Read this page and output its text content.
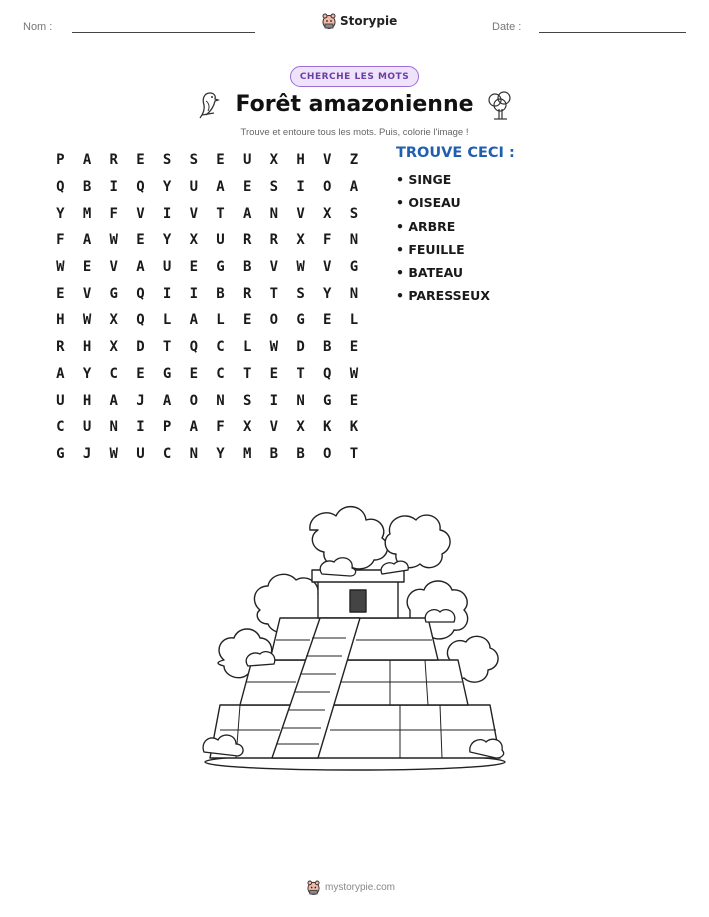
Nom :	Storypie	Date :
CHERCHE LES MOTS
Forêt amazonienne
Trouve et entoure tous les mots. Puis, colorie l'image !
P	A	R	E	S	S	E	U	X	H	V	Z
Q	B	I	Q	Y	U	A	E	S	I	O	A
Y	M	F	V	I	V	T	A	N	V	X	S
F	A	W	E	Y	X	U	R	R	X	F	N
W	E	V	A	U	E	G	B	V	W	V	G
E	V	G	Q	I	I	B	R	T	S	Y	N
H	W	X	Q	L	A	L	E	O	G	E	L
R	H	X	D	T	Q	C	L	W	D	B	E
A	Y	C	E	G	E	C	T	E	T	Q	W
U	H	A	J	A	O	N	S	I	N	G	E
C	U	N	I	P	A	F	X	V	X	K	K
G	J	W	U	C	N	Y	M	B	B	O	T
TROUVE CECI :
• SINGE
• OISEAU
• ARBRE
• FEUILLE
• BATEAU
• PARESSEUX
mystorypie.com
